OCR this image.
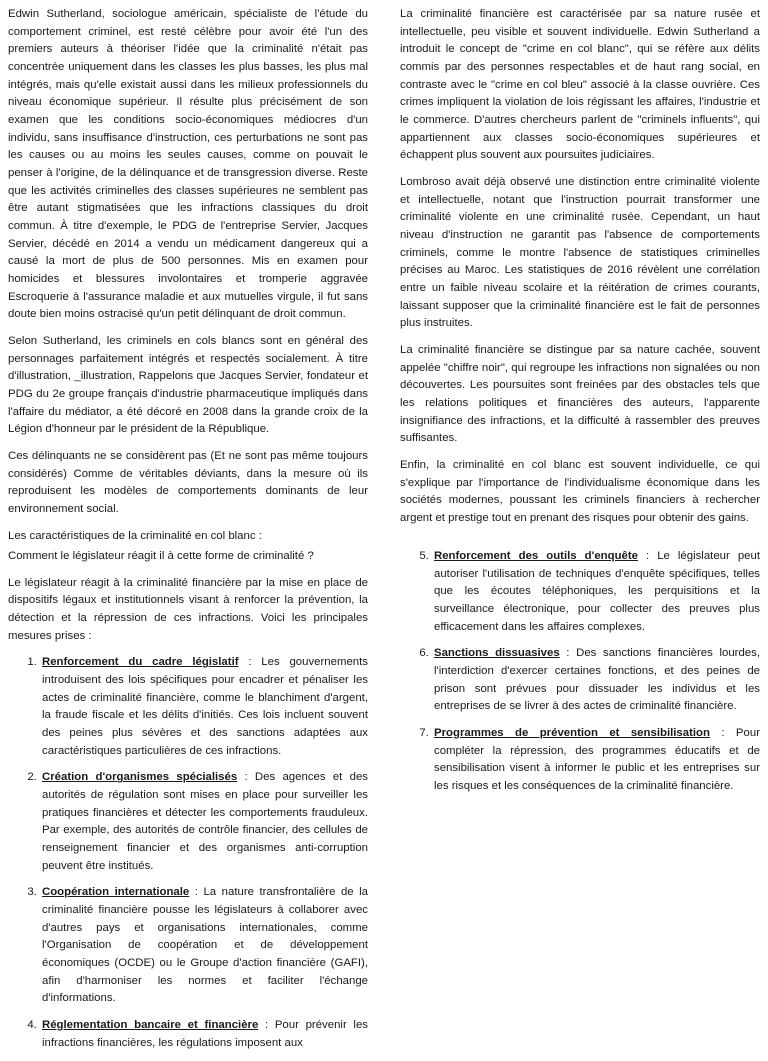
Edwin Sutherland, sociologue américain, spécialiste de l'étude du comportement criminel, est resté célèbre pour avoir été l'un des premiers auteurs à théoriser l'idée que la criminalité n'était pas concentrée uniquement dans les classes les plus basses, les plus mal intégrés, mais qu'elle existait aussi dans les milieux professionnels du niveau économique supérieur. Il résulte plus précisément de son examen que les conditions socio-économiques médiocres d'un individu, sans insuffisance d'instruction, ces perturbations ne sont pas les causes ou au moins les seules causes, comme on pouvait le penser à l'origine, de la délinquance et de transgression diverse. Reste que les activités criminelles des classes supérieures ne semblent pas être autant stigmatisées que les infractions classiques du droit commun. À titre d'exemple, le PDG de l'entreprise Servier, Jacques Servier, décédé en 2014 a vendu un médicament dangereux qui a causé la mort de plus de 500 personnes. Mis en examen pour homicides et blessures involontaires et tromperie aggravée Escroquerie à l'assurance maladie et aux mutuelles virgule, il fut sans doute bien moins ostracisé qu'un petit délinquant de droit commun.

Selon Sutherland, les criminels en cols blancs sont en général des personnages parfaitement intégrés et respectés socialement. À titre d'illustration, _illustration, Rappelons que Jacques Servier, fondateur et PDG du 2e groupe français d'industrie pharmaceutique impliqués dans l'affaire du médiator, a été décoré en 2008 dans la grande croix de la Légion d'honneur par le président de la République.

Ces délinquants ne se considèrent pas (Et ne sont pas même toujours considérés) Comme de véritables déviants, dans la mesure où ils reproduisent les modèles de comportements dominants de leur environnement social.

Les caractéristiques de la criminalité en col blanc :

La criminalité financière est caractérisée par sa nature rusée et intellectuelle, peu visible et souvent individuelle. Edwin Sutherland a introduit le concept de "crime en col blanc", qui se réfère aux délits commis par des personnes respectables et de haut rang social, en contraste avec le "crime en col bleu" associé à la classe ouvrière. Ces crimes impliquent la violation de lois régissant les affaires, l'industrie et le commerce. D'autres chercheurs parlent de "criminels influents", qui appartiennent aux classes socio-économiques supérieures et échappent plus souvent aux poursuites judiciaires.

Lombroso avait déjà observé une distinction entre criminalité violente et intellectuelle, notant que l'instruction pourrait transformer une criminalité violente en une criminalité rusée. Cependant, un haut niveau d'instruction ne garantit pas l'absence de comportements criminels, comme le montre l'absence de statistiques criminelles précises au Maroc. Les statistiques de 2016 révèlent une corrélation entre un faible niveau scolaire et la réitération de crimes courants, laissant supposer que la criminalité financière est le fait de personnes plus instruites.

La criminalité financière se distingue par sa nature cachée, souvent appelée "chiffre noir", qui regroupe les infractions non signalées ou non découvertes. Les poursuites sont freinées par des obstacles tels que les relations politiques et financières des auteurs, l'apparente insignifiance des infractions, et la difficulté à rassembler des preuves suffisantes.

Enfin, la criminalité en col blanc est souvent individuelle, ce qui s'explique par l'importance de l'individualisme économique dans les sociétés modernes, poussant les criminels financiers à rechercher argent et prestige tout en prenant des risques pour obtenir des gains.

Comment le législateur réagit il à cette forme de criminalité ?

Le législateur réagit à la criminalité financière par la mise en place de dispositifs légaux et institutionnels visant à renforcer la prévention, la détection et la répression de ces infractions. Voici les principales mesures prises :

1. Renforcement du cadre législatif : Les gouvernements introduisent des lois spécifiques pour encadrer et pénaliser les actes de criminalité financière, comme le blanchiment d'argent, la fraude fiscale et les délits d'initiés. Ces lois incluent souvent des peines plus sévères et des sanctions adaptées aux caractéristiques particulières de ces infractions.
2. Création d'organismes spécialisés : Des agences et des autorités de régulation sont mises en place pour surveiller les pratiques financières et détecter les comportements frauduleux. Par exemple, des autorités de contrôle financier, des cellules de renseignement financier et des organismes anti-corruption peuvent être institués.
3. Coopération internationale : La nature transfrontalière de la criminalité financière pousse les législateurs à collaborer avec d'autres pays et organisations internationales, comme l'Organisation de coopération et de développement économiques (OCDE) ou le Groupe d'action financière (GAFI), afin d'harmoniser les normes et faciliter l'échange d'informations.
4. Réglementation bancaire et financière : Pour prévenir les infractions financières, les régulations imposent aux
5. Renforcement des outils d'enquête : Le législateur peut autoriser l'utilisation de techniques d'enquête spécifiques, telles que les écoutes téléphoniques, les perquisitions et la surveillance électronique, pour collecter des preuves plus efficacement dans les affaires complexes.
6. Sanctions dissuasives : Des sanctions financières lourdes, l'interdiction d'exercer certaines fonctions, et des peines de prison sont prévues pour dissuader les individus et les entreprises de se livrer à des actes de criminalité financière.
7. Programmes de prévention et sensibilisation : Pour compléter la répression, des programmes éducatifs et de sensibilisation visent à informer le public et les entreprises sur les risques et les conséquences de la criminalité financière.
